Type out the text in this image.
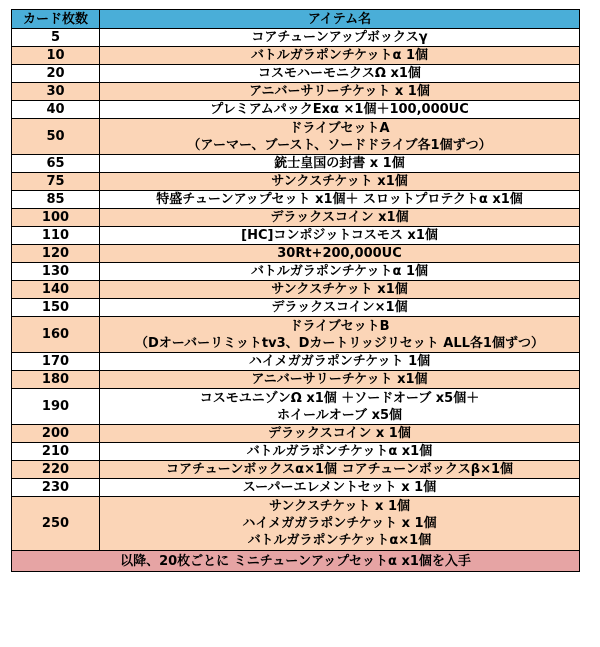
カード枚数	アイテム名
5	コアチューンアップボックスγ

10	バトルガラポンチケットα 1個

20	コスモハーモニクスΩ x1個

30	アニバーサリーチケット x 1個

40	プレミアムパックExα ×1個＋100,000UC

50	ドライブセットA
（アーマー、ブースト、ソードドライブ各1個ずつ）

65	銃士皇国の封書 x 1個

75	サンクスチケット x1個

85	特盛チューンアップセット x1個＋ スロットプロテクトα x1個

100	デラックスコイン x1個

110	[HC]コンポジットコスモス x1個

120	30Rt+200,000UC

130	バトルガラポンチケットα 1個

140	サンクスチケット x1個

150	デラックスコイン×1個

160	ドライブセットB
（Dオーバーリミットtv3、Dカートリッジリセット ALL各1個ずつ）

170	ハイメガガラポンチケット 1個

180	アニバーサリーチケット x1個

190	コスモユニゾンΩ x1個 ＋ソードオーブ x5個＋
ホイールオーブ x5個

200	デラックスコイン x 1個

210	バトルガラポンチケットα x1個

220	コアチューンボックスα×1個 コアチューンボックスβ×1個

230	スーパーエレメントセット x 1個

250	サンクスチケット x 1個
ハイメガガラポンチケット x 1個
バトルガラポンチケットα×1個

以降、20枚ごとに ミニチューンアップセットα x1個を入手	
